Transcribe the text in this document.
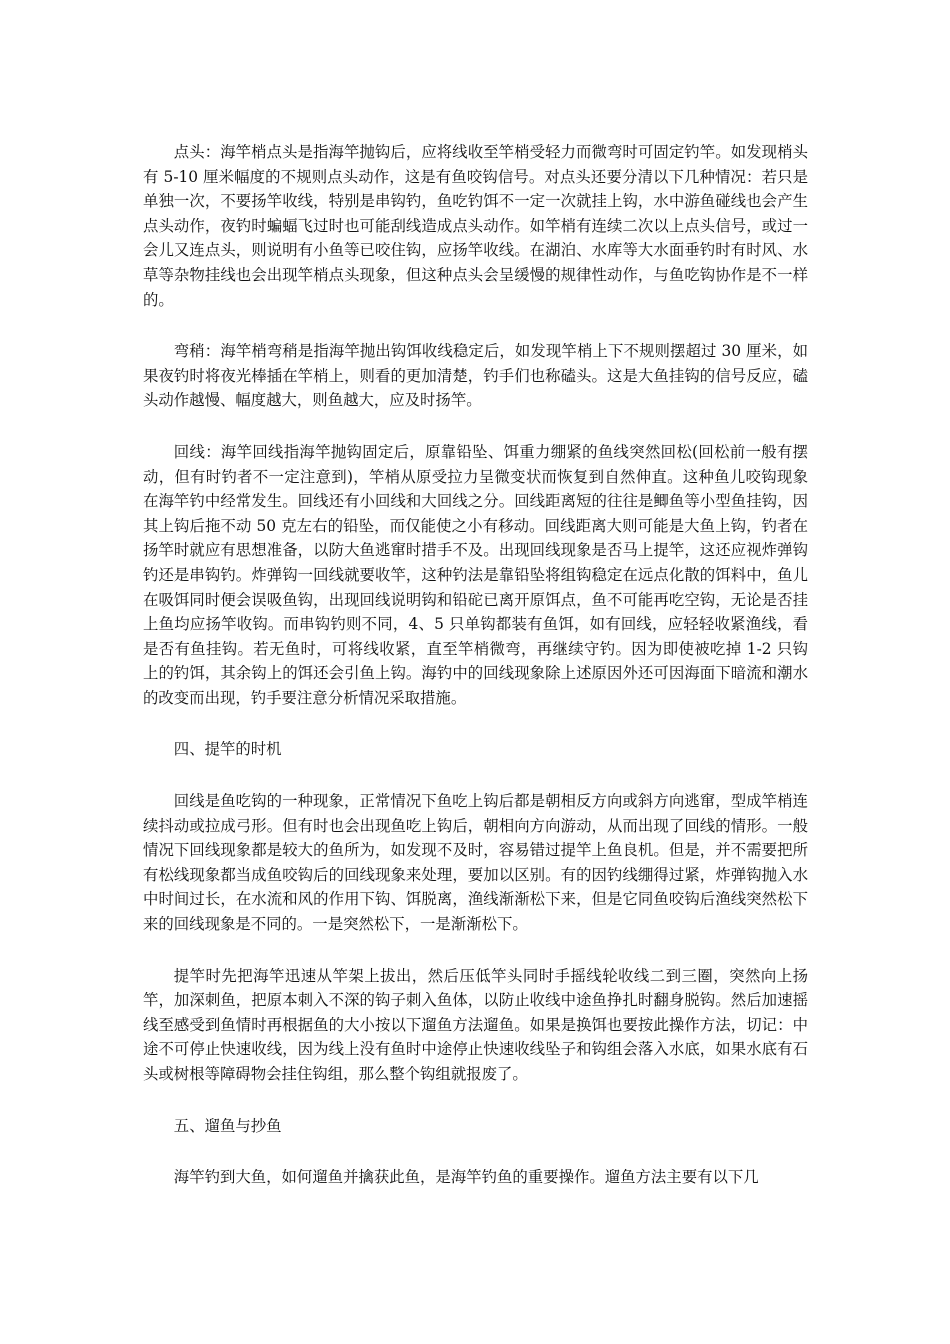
点头：海竿梢点头是指海竿抛钩后，应将线收至竿梢受轻力而微弯时可固定钓竿。如发现梢头有 5-10 厘米幅度的不规则点头动作，这是有鱼咬钩信号。对点头还要分清以下几种情况：若只是单独一次，不要扬竿收线，特别是串钩钓，鱼吃钓饵不一定一次就挂上钩，水中游鱼碰线也会产生点头动作，夜钓时蝙蝠飞过时也可能刮线造成点头动作。如竿梢有连续二次以上点头信号，或过一会儿又连点头，则说明有小鱼等已咬住钩，应扬竿收线。在湖泊、水库等大水面垂钓时有时风、水草等杂物挂线也会出现竿梢点头现象，但这种点头会呈缓慢的规律性动作，与鱼吃钩协作是不一样的。

弯稍：海竿梢弯稍是指海竿抛出钩饵收线稳定后，如发现竿梢上下不规则摆超过 30 厘米，如果夜钓时将夜光棒插在竿梢上，则看的更加清楚，钓手们也称磕头。这是大鱼挂钩的信号反应，磕头动作越慢、幅度越大，则鱼越大，应及时扬竿。

回线：海竿回线指海竿抛钩固定后，原靠铅坠、饵重力绷紧的鱼线突然回松(回松前一般有摆动，但有时钓者不一定注意到)，竿梢从原受拉力呈微变状而恢复到自然伸直。这种鱼儿咬钩现象在海竿钓中经常发生。回线还有小回线和大回线之分。回线距离短的往往是鲫鱼等小型鱼挂钩，因其上钩后拖不动 50 克左右的铅坠，而仅能使之小有移动。回线距离大则可能是大鱼上钩，钓者在扬竿时就应有思想准备，以防大鱼逃窜时措手不及。出现回线现象是否马上提竿，这还应视炸弹钩钓还是串钩钓。炸弹钩一回线就要收竿，这种钓法是靠铅坠将组钩稳定在远点化散的饵料中，鱼儿在吸饵同时便会误吸鱼钩，出现回线说明钩和铅砣已离开原饵点，鱼不可能再吃空钩，无论是否挂上鱼均应扬竿收钩。而串钩钓则不同，4、5 只单钩都装有鱼饵，如有回线，应轻轻收紧渔线，看是否有鱼挂钩。若无鱼时，可将线收紧，直至竿梢微弯，再继续守钓。因为即使被吃掉 1-2 只钩上的钓饵，其余钩上的饵还会引鱼上钩。海钓中的回线现象除上述原因外还可因海面下暗流和潮水的改变而出现，钓手要注意分析情况采取措施。

四、提竿的时机

回线是鱼吃钩的一种现象，正常情况下鱼吃上钩后都是朝相反方向或斜方向逃窜，型成竿梢连续抖动或拉成弓形。但有时也会出现鱼吃上钩后，朝相向方向游动，从而出现了回线的情形。一般情况下回线现象都是较大的鱼所为，如发现不及时，容易错过提竿上鱼良机。但是，并不需要把所有松线现象都当成鱼咬钩后的回线现象来处理，要加以区别。有的因钓线绷得过紧，炸弹钩抛入水中时间过长，在水流和风的作用下钩、饵脱离，渔线渐渐松下来，但是它同鱼咬钩后渔线突然松下来的回线现象是不同的。一是突然松下，一是渐渐松下。

提竿时先把海竿迅速从竿架上拔出，然后压低竿头同时手摇线轮收线二到三圈，突然向上扬竿，加深刺鱼，把原本刺入不深的钩子刺入鱼体，以防止收线中途鱼挣扎时翻身脱钩。然后加速摇线至感受到鱼情时再根据鱼的大小按以下遛鱼方法遛鱼。如果是换饵也要按此操作方法，切记：中途不可停止快速收线，因为线上没有鱼时中途停止快速收线坠子和钩组会落入水底，如果水底有石头或树根等障碍物会挂住钩组，那么整个钩组就报废了。

五、遛鱼与抄鱼

海竿钓到大鱼，如何遛鱼并擒获此鱼，是海竿钓鱼的重要操作。遛鱼方法主要有以下几
